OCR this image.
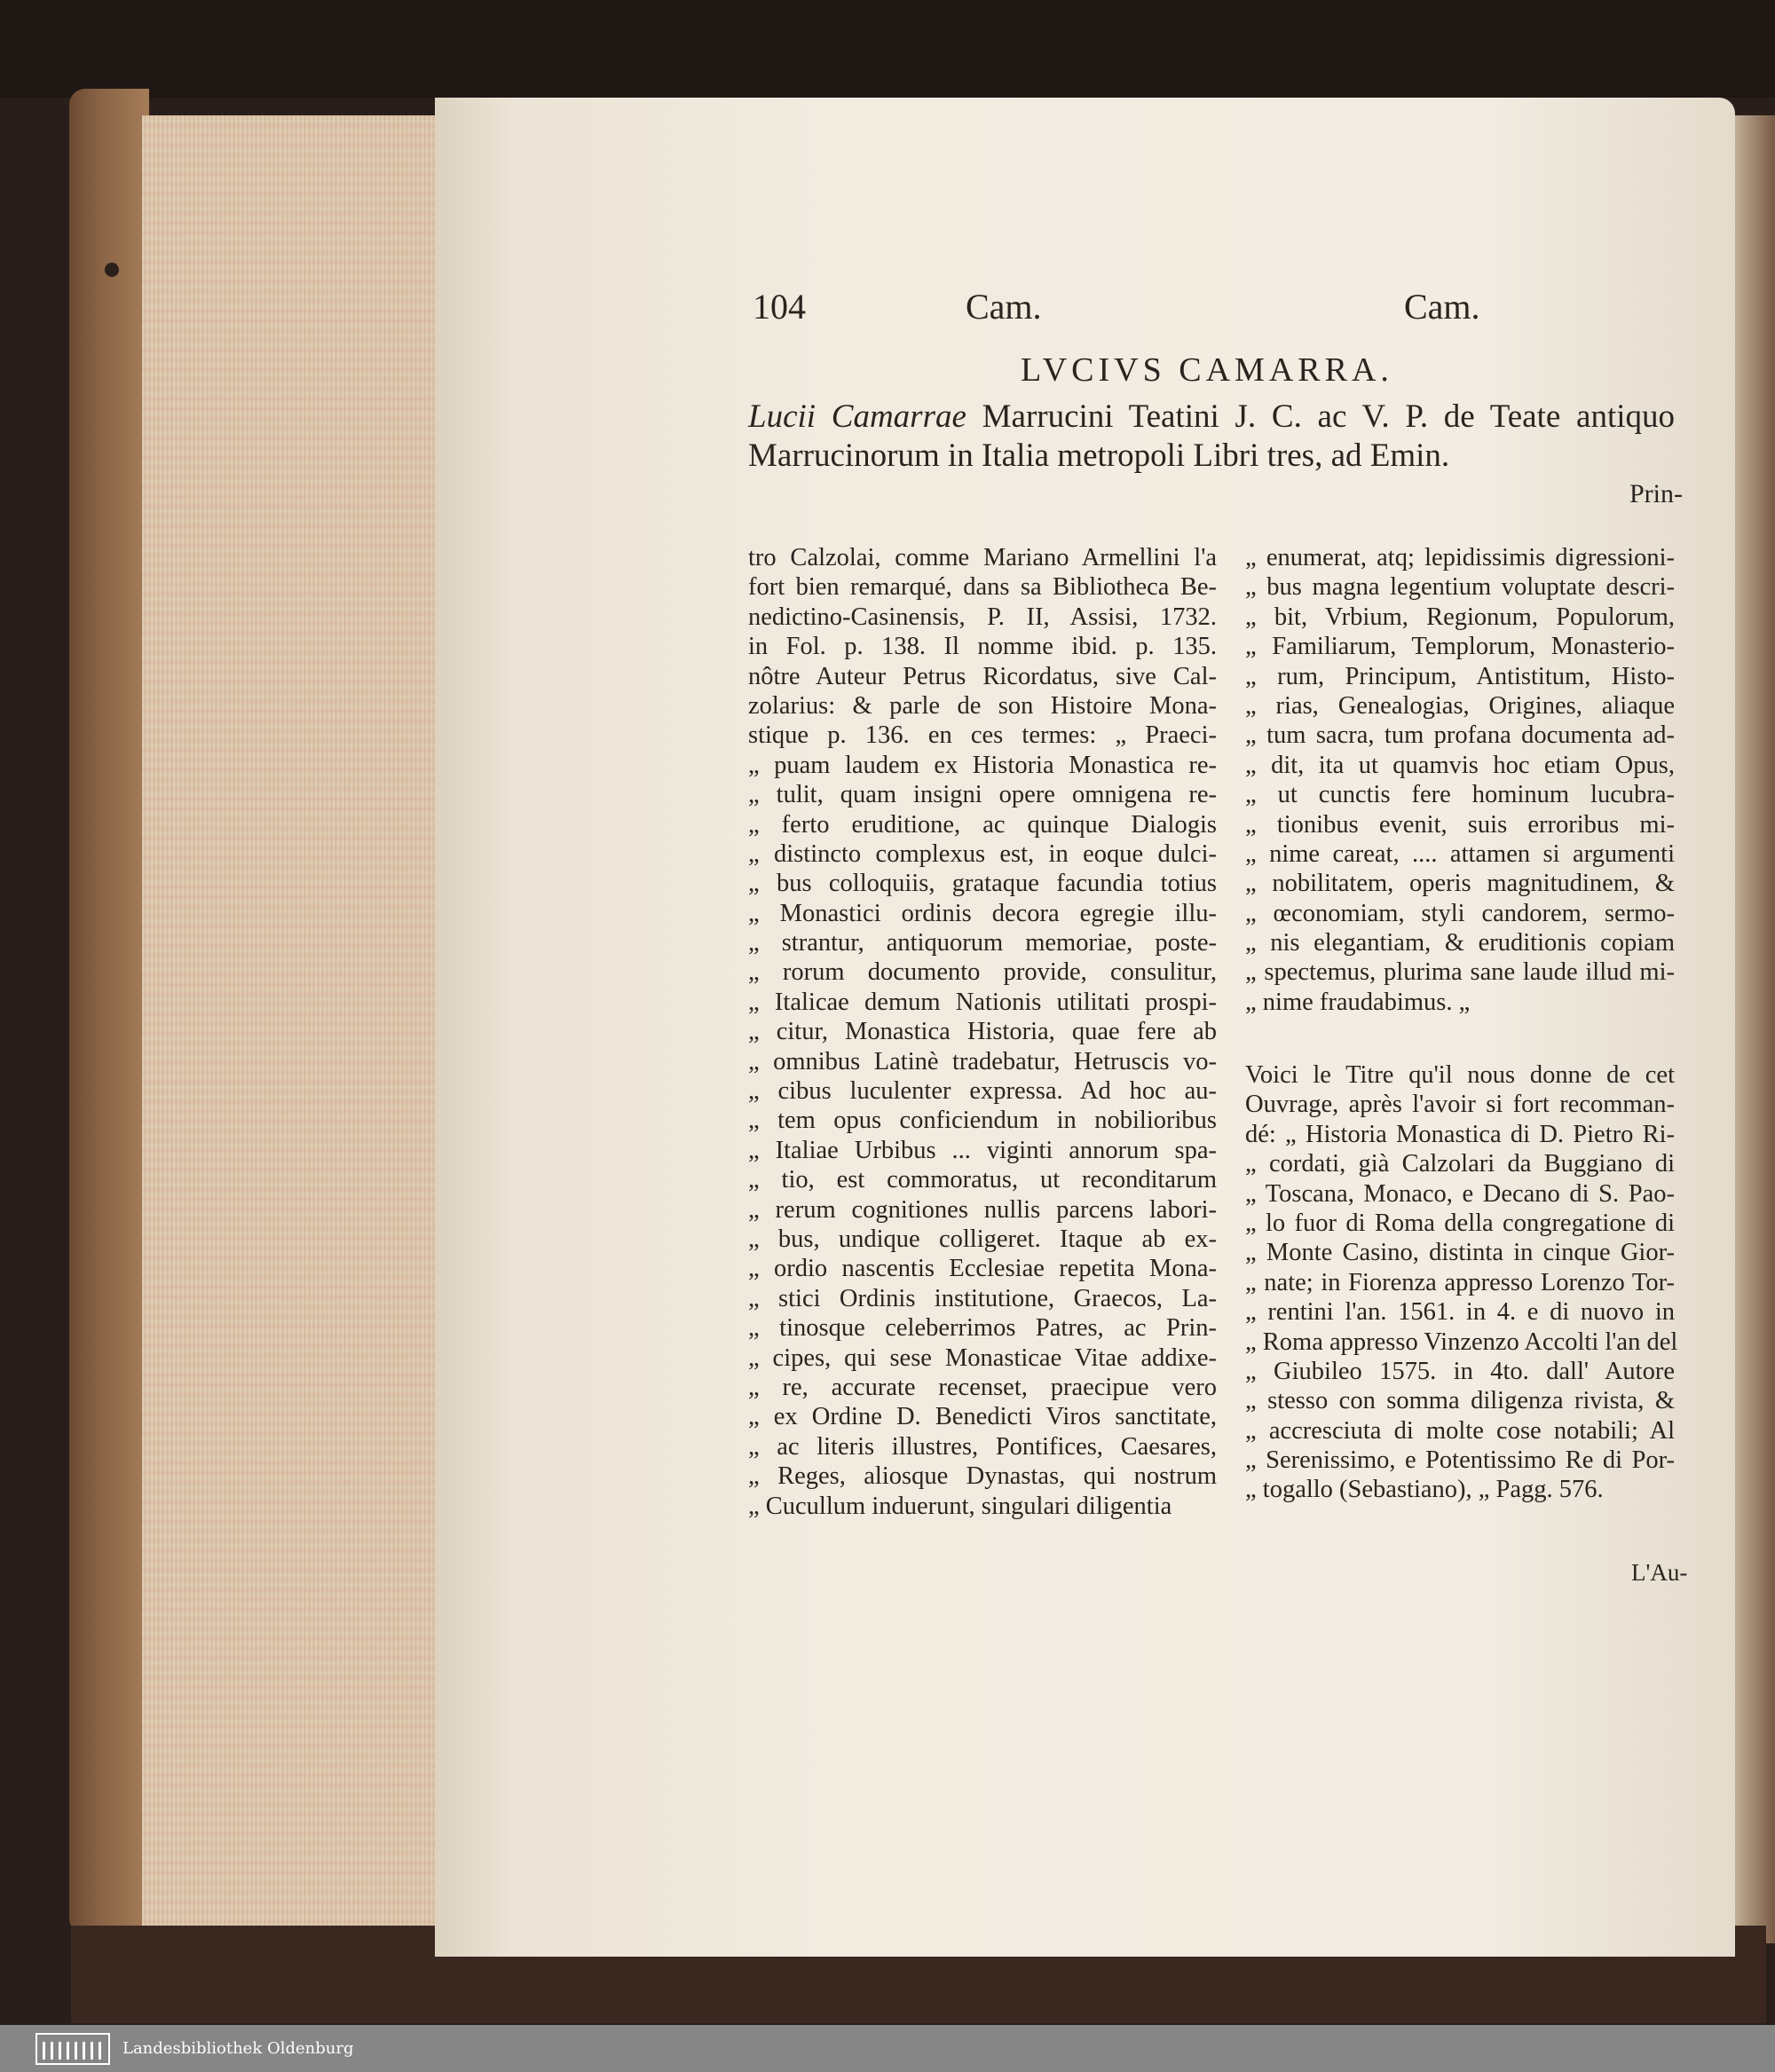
104	Cam.	Cam.
LVCIVS CAMARRA.
Lucii Camarrae Marrucini Teatini J. C. ac V. P. de Teate antiquo Marrucinorum in Italia metropoli Libri tres, ad Emin.
Prin-
tro Calzolai, comme Mariano Armellini l'a
fort bien remarqué, dans sa Bibliotheca Be-
nedictino-Casinensis, P. II, Assisi, 1732.
in Fol. p. 138. Il nomme ibid. p. 135.
nôtre Auteur Petrus Ricordatus, sive Cal-
zolarius: & parle de son Histoire Mona-
stique p. 136. en ces termes: „ Praeci-
„ puam laudem ex Historia Monastica re-
„ tulit, quam insigni opere omnigena re-
„ ferto eruditione, ac quinque Dialogis
„ distincto complexus est, in eoque dulci-
„ bus colloquiis, grataque facundia totius
„ Monastici ordinis decora egregie illu-
„ strantur, antiquorum memoriae, poste-
„ rorum documento provide, consulitur,
„ Italicae demum Nationis utilitati prospi-
„ citur, Monastica Historia, quae fere ab
„ omnibus Latinè tradebatur, Hetruscis vo-
„ cibus luculenter expressa. Ad hoc au-
„ tem opus conficiendum in nobilioribus
„ Italiae Urbibus ... viginti annorum spa-
„ tio, est commoratus, ut reconditarum
„ rerum cognitiones nullis parcens labori-
„ bus, undique colligeret. Itaque ab ex-
„ ordio nascentis Ecclesiae repetita Mona-
„ stici Ordinis institutione, Graecos, La-
„ tinosque celeberrimos Patres, ac Prin-
„ cipes, qui sese Monasticae Vitae addixe-
„ re, accurate recenset, praecipue vero
„ ex Ordine D. Benedicti Viros sanctitate,
„ ac literis illustres, Pontifices, Caesares,
„ Reges, aliosque Dynastas, qui nostrum
„ Cucullum induerunt, singulari diligentia
„ enumerat, atq; lepidissimis digressioni-
„ bus magna legentium voluptate descri-
„ bit, Vrbium, Regionum, Populorum,
„ Familiarum, Templorum, Monasterio-
„ rum, Principum, Antistitum, Histo-
„ rias, Genealogias, Origines, aliaque
„ tum sacra, tum profana documenta ad-
„ dit, ita ut quamvis hoc etiam Opus,
„ ut cunctis fere hominum lucubra-
„ tionibus evenit, suis erroribus mi-
„ nime careat, .... attamen si argumenti
„ nobilitatem, operis magnitudinem, &
„ œconomiam, styli candorem, sermo-
„ nis elegantiam, & eruditionis copiam
„ spectemus, plurima sane laude illud mi-
„ nime fraudabimus. „
Voici le Titre qu'il nous donne de cet
Ouvrage, après l'avoir si fort recomman-
dé: „ Historia Monastica di D. Pietro Ri-
„ cordati, già Calzolari da Buggiano di
„ Toscana, Monaco, e Decano di S. Pao-
„ lo fuor di Roma della congregatione di
„ Monte Casino, distinta in cinque Gior-
„ nate; in Fiorenza appresso Lorenzo Tor-
„ rentini l'an. 1561. in 4. e di nuovo in
„ Roma appresso Vinzenzo Accolti l'an del
„ Giubileo 1575. in 4to. dall' Autore
„ stesso con somma diligenza rivista, &
„ accresciuta di molte cose notabili; Al
„ Serenissimo, e Potentissimo Re di Por-
„ togallo (Sebastiano), „ Pagg. 576.
L'Au-
Landesbibliothek Oldenburg
